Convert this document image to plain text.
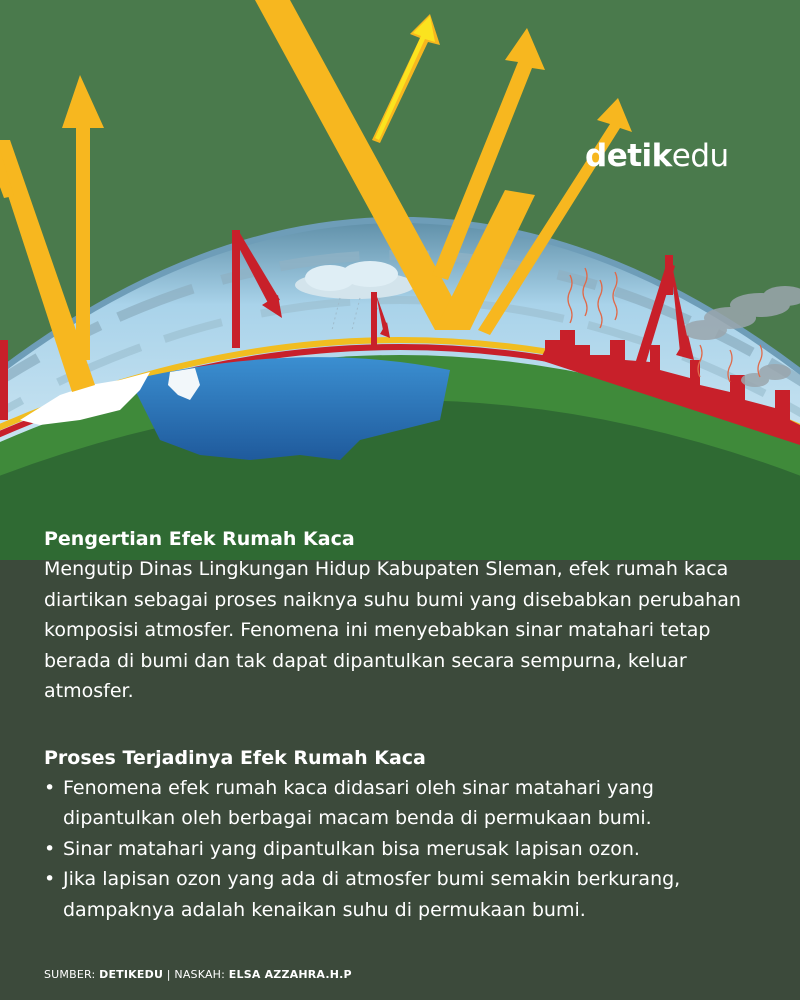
detikedu
Pengertian Efek Rumah Kaca

Mengutip Dinas Lingkungan Hidup Kabupaten Sleman, efek rumah kaca diartikan sebagai proses naiknya suhu bumi yang disebabkan perubahan komposisi atmosfer. Fenomena ini menyebabkan sinar matahari tetap berada di bumi dan tak dapat dipantulkan secara sempurna, keluar atmosfer.

Proses Terjadinya Efek Rumah Kaca
• Fenomena efek rumah kaca didasari oleh sinar matahari yang dipantulkan oleh berbagai macam benda di permukaan bumi.
• Sinar matahari yang dipantulkan bisa merusak lapisan ozon.
• Jika lapisan ozon yang ada di atmosfer bumi semakin berkurang, dampaknya adalah kenaikan suhu di permukaan bumi.
SUMBER: DETIKEDU | NASKAH: ELSA AZZAHRA.H.P
